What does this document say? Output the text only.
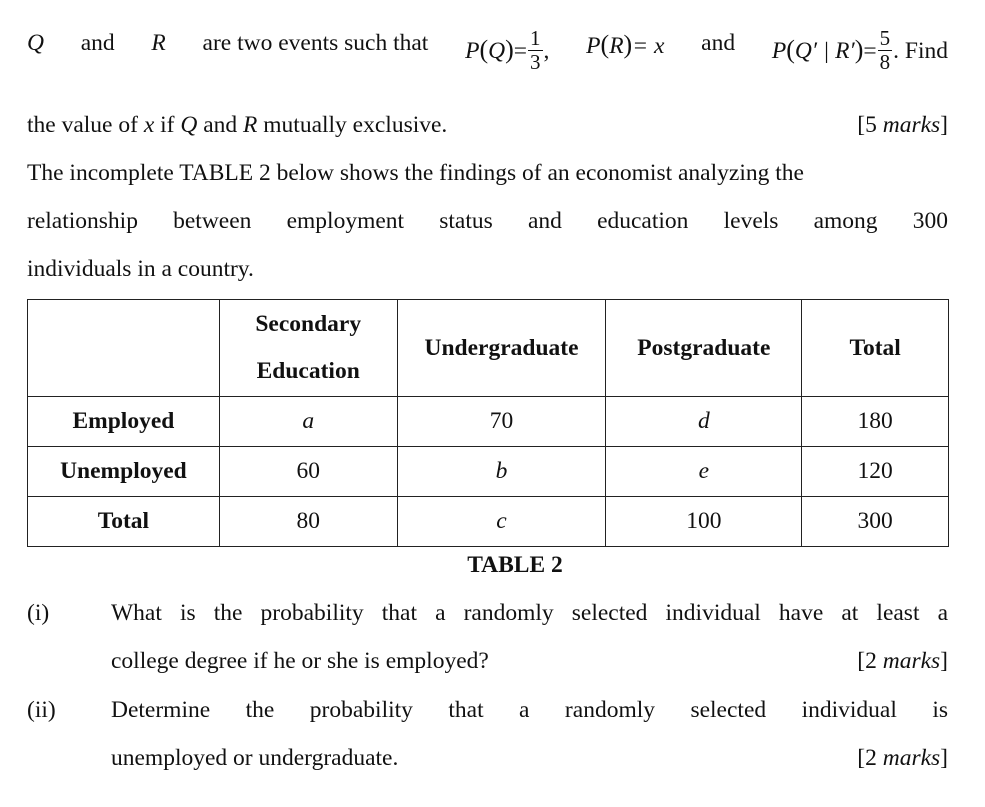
Q and R are two events such that $P(Q)= \frac{1}{3}$ , P(R)= x and P(Q′ | $R')= \frac{5}{8}$ . Find
the value of x if Q and R mutually exclusive.	[5 marks]
The incomplete TABLE 2 below shows the findings of an economist analyzing the
relationship between employment status and education levels among 300
individuals in a country.
	Secondary
Education	Undergraduate	Postgraduate	Total
Employed	a	70	d	180
Unemployed	60	b	e	120
Total	80	c	100	300
TABLE 2
(i)	What is the probability that a randomly selected individual have at least a
college degree if he or she is employed?	[2 marks]
(ii) Determine the probability that a randomly selected individual is
unemployed or undergraduate.	[2 marks]
